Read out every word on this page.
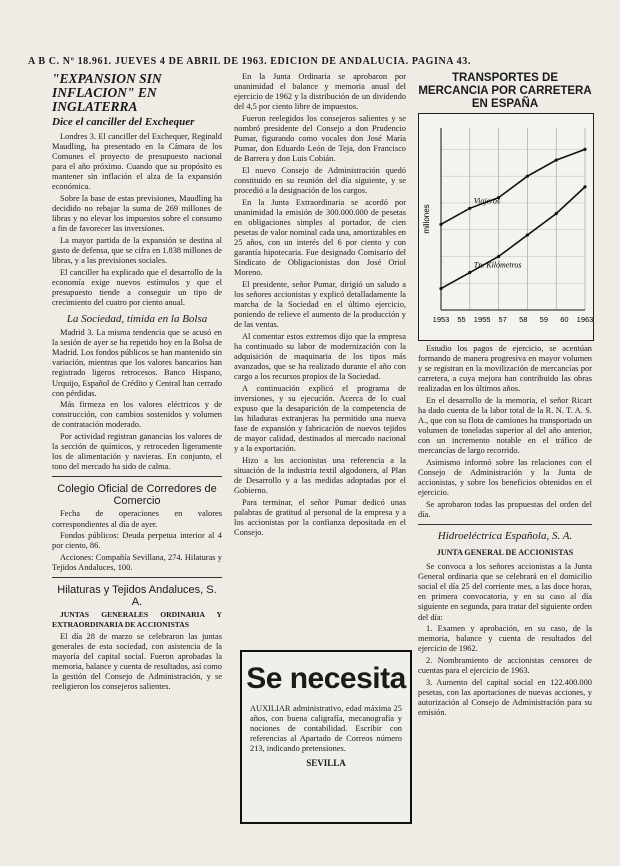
A B C. Nº 18.961. JUEVES 4 DE ABRIL DE 1963. EDICION DE ANDALUCIA. PAGINA 43.

"EXPANSION SIN INFLACION" EN INGLATERRA

Dice el canciller del Exchequer

Londres 3. El canciller del Exchequer, Reginald Maudling, ha presentado en la Cámara de los Comunes el proyecto de presupuesto nacional para el año próximo. Cuando que su propósito es mantener sin inflación el alza de la expansión económica.

Sobre la base de estas previsiones, Maudling ha decidido no rebajar la suma de 269 millones de libras y no elevar los impuestos sobre el consumo a fin de favorecer las inversiones.

La mayor partida de la expansión se destina al gasto de defensa, que se cifra en 1.838 millones de libras, y a las previsiones sociales.

El canciller ha explicado que el desarrollo de la economía exige nuevos estímulos y que el presupuesto tiende a conseguir un tipo de crecimiento del cuatro por ciento anual.

La Sociedad, tímida en la Bolsa

Madrid 3. La misma tendencia que se acusó en la sesión de ayer se ha repetido hoy en la Bolsa de Madrid. Los fondos públicos se han mantenido sin variación, mientras que los valores bancarios han registrado ligeros retrocesos. Banco Hispano, Urquijo, Español de Crédito y Central han cerrado con pérdidas.

Más firmeza en los valores eléctricos y de construcción, con cambios sostenidos y volumen de contratación moderado.

Por actividad registran ganancias los valores de la sección de químicos, y retroceden ligeramente los de alimentación y navieras. En conjunto, el tono del mercado ha sido de calma.

Colegio Oficial de Corredores de Comercio

Fecha de operaciones en valores correspondientes al día de ayer.

Fondos públicos: Deuda perpetua interior al 4 por ciento, 86.

Acciones: Compañía Sevillana, 274. Hilaturas y Tejidos Andaluces, 100.

Hilaturas y Tejidos Andaluces, S. A.

JUNTAS GENERALES ORDINARIA Y EXTRAORDINARIA DE ACCIONISTAS

El día 28 de marzo se celebraron las juntas generales de esta sociedad, con asistencia de la mayoría del capital social. Fueron aprobadas la memoria, balance y cuenta de resultados, así como la gestión del Consejo de Administración, y se reeligieron los consejeros salientes.

En la Junta Ordinaria se aprobaron por unanimidad el balance y memoria anual del ejercicio de 1962 y la distribución de un dividendo del 4,5 por ciento libre de impuestos.

Fueron reelegidos los consejeros salientes y se nombró presidente del Consejo a don Prudencio Pumar, figurando como vocales don José María Pumar, don Eduardo León de Teja, don Francisco de Barrera y don Luis Cobián.

El nuevo Consejo de Administración quedó constituido en su reunión del día siguiente, y se procedió a la designación de los cargos.

En la Junta Extraordinaria se acordó por unanimidad la emisión de 300.000.000 de pesetas en obligaciones simples al portador, de cien pesetas de valor nominal cada una, amortizables en 25 años, con un interés del 6 por ciento y con garantía hipotecaria. Fue designado Comisario del Sindicato de Obligacionistas don José Oriol Moreno.

El presidente, señor Pumar, dirigió un saludo a los señores accionistas y explicó detalladamente la marcha de la Sociedad en el último ejercicio, poniendo de relieve el aumento de la producción y de las ventas.

Al comentar estos extremos dijo que la empresa ha continuado su labor de modernización con la adquisición de maquinaria de los tipos más avanzados, que se ha realizado durante el año con cargo a los recursos propios de la Sociedad.

A continuación explicó el programa de inversiones, y su ejecución. Acerca de lo cual expuso que la desaparición de la competencia de las hiladuras extranjeras ha permitido una nueva fase de expansión y fabricación de nuevos tejidos de mayor calidad, destinados al mercado nacional y a la exportación.

Hizo a los accionistas una referencia a la situación de la industria textil algodonera, al Plan de Desarrollo y a las medidas adoptadas por el Gobierno.

Para terminar, el señor Pumar dedicó unas palabras de gratitud al personal de la empresa y a los accionistas por la confianza depositada en el Consejo.

Se necesita
AUXILIAR administrativo, edad máxima 25 años, con buena caligrafía, mecanografía y nociones de contabilidad. Escribir con referencias al Apartado de Correos número 213, indicando pretensiones.
SEVILLA
TRANSPORTES DE MERCANCIA POR CARRETERA EN ESPAÑA
Viajeros
Tn. Kilómetros
millones
1953 55 1955 57 58 59 60 1963

Estudio los pagos de ejercicio, se acentúan formando de manera progresiva en mayor volumen y se registran en la movilización de mercancías por carretera, a cuya mejora han contribuido las obras realizadas en los últimos años.

En el desarrollo de la memoria, el señor Ricart ha dado cuenta de la labor total de la R. N. T. A. S. A., que con su flota de camiones ha transportado un volumen de toneladas superior al del año anterior, con un incremento notable en el tráfico de mercancías de largo recorrido.

Asimismo informó sobre las relaciones con el Consejo de Administración y la Junta de accionistas, y sobre los beneficios obtenidos en el ejercicio.

Se aprobaron todas las propuestas del orden del día.

Hidroeléctrica Española, S. A.
JUNTA GENERAL DE ACCIONISTAS

Se convoca a los señores accionistas a la Junta General ordinaria que se celebrará en el domicilio social el día 25 del corriente mes, a las doce horas, en primera convocatoria, y en su caso al día siguiente en segunda, para tratar del siguiente orden del día:

1. Examen y aprobación, en su caso, de la memoria, balance y cuenta de resultados del ejercicio de 1962.

2. Nombramiento de accionistas censores de cuentas para el ejercicio de 1963.

3. Aumento del capital social en 122.400.000 pesetas, con las aportaciones de nuevas acciones, y autorización al Consejo de Administración para su emisión.
